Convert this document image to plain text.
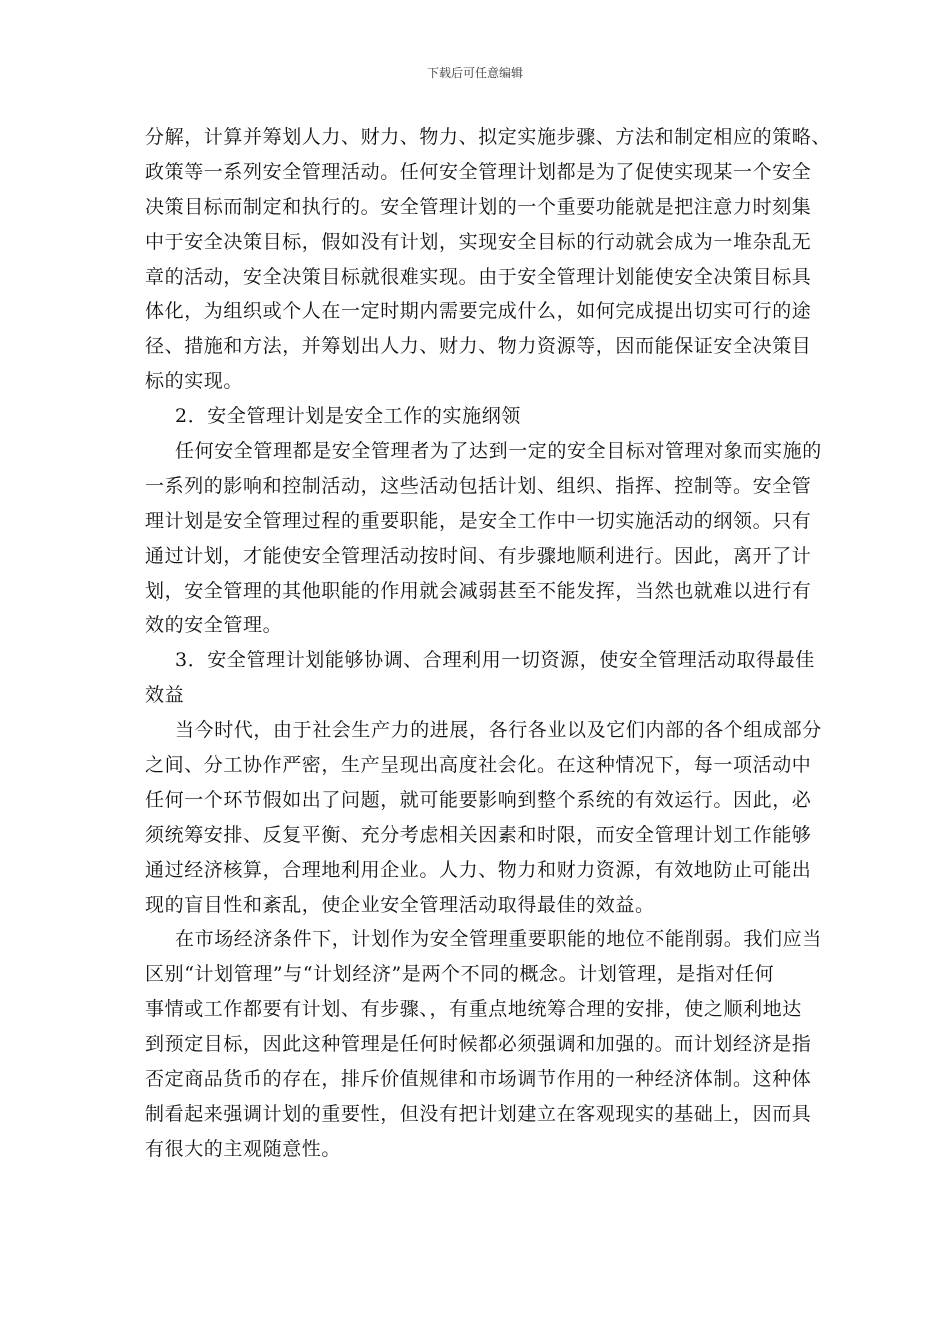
下载后可任意编辑
分解，计算并筹划人力、财力、物力、拟定实施步骤、方法和制定相应的策略、
政策等一系列安全管理活动。任何安全管理计划都是为了促使实现某一个安全
决策目标而制定和执行的。安全管理计划的一个重要功能就是把注意力时刻集
中于安全决策目标，假如没有计划，实现安全目标的行动就会成为一堆杂乱无
章的活动，安全决策目标就很难实现。由于安全管理计划能使安全决策目标具
体化，为组织或个人在一定时期内需要完成什么，如何完成提出切实可行的途
径、措施和方法，并筹划出人力、财力、物力资源等，因而能保证安全决策目
标的实现。
2．安全管理计划是安全工作的实施纲领
任何安全管理都是安全管理者为了达到一定的安全目标对管理对象而实施的
一系列的影响和控制活动，这些活动包括计划、组织、指挥、控制等。安全管
理计划是安全管理过程的重要职能，是安全工作中一切实施活动的纲领。只有
通过计划，才能使安全管理活动按时间、有步骤地顺利进行。因此，离开了计
划，安全管理的其他职能的作用就会减弱甚至不能发挥，当然也就难以进行有
效的安全管理。
3．安全管理计划能够协调、合理利用一切资源，使安全管理活动取得最佳
效益
当今时代，由于社会生产力的进展，各行各业以及它们内部的各个组成部分
之间、分工协作严密，生产呈现出高度社会化。在这种情况下，每一项活动中
任何一个环节假如出了问题，就可能要影响到整个系统的有效运行。因此，必
须统筹安排、反复平衡、充分考虑相关因素和时限，而安全管理计划工作能够
通过经济核算，合理地利用企业。人力、物力和财力资源，有效地防止可能出
现的盲目性和紊乱，使企业安全管理活动取得最佳的效益。
在市场经济条件下，计划作为安全管理重要职能的地位不能削弱。我们应当
区别“计划管理”与“计划经济”是两个不同的概念。计划管理，是指对任何
事情或工作都要有计划、有步骤、，有重点地统筹合理的安排，使之顺利地达
到预定目标，因此这种管理是任何时候都必须强调和加强的。而计划经济是指
否定商品货币的存在，排斥价值规律和市场调节作用的一种经济体制。这种体
制看起来强调计划的重要性，但没有把计划建立在客观现实的基础上，因而具
有很大的主观随意性。
